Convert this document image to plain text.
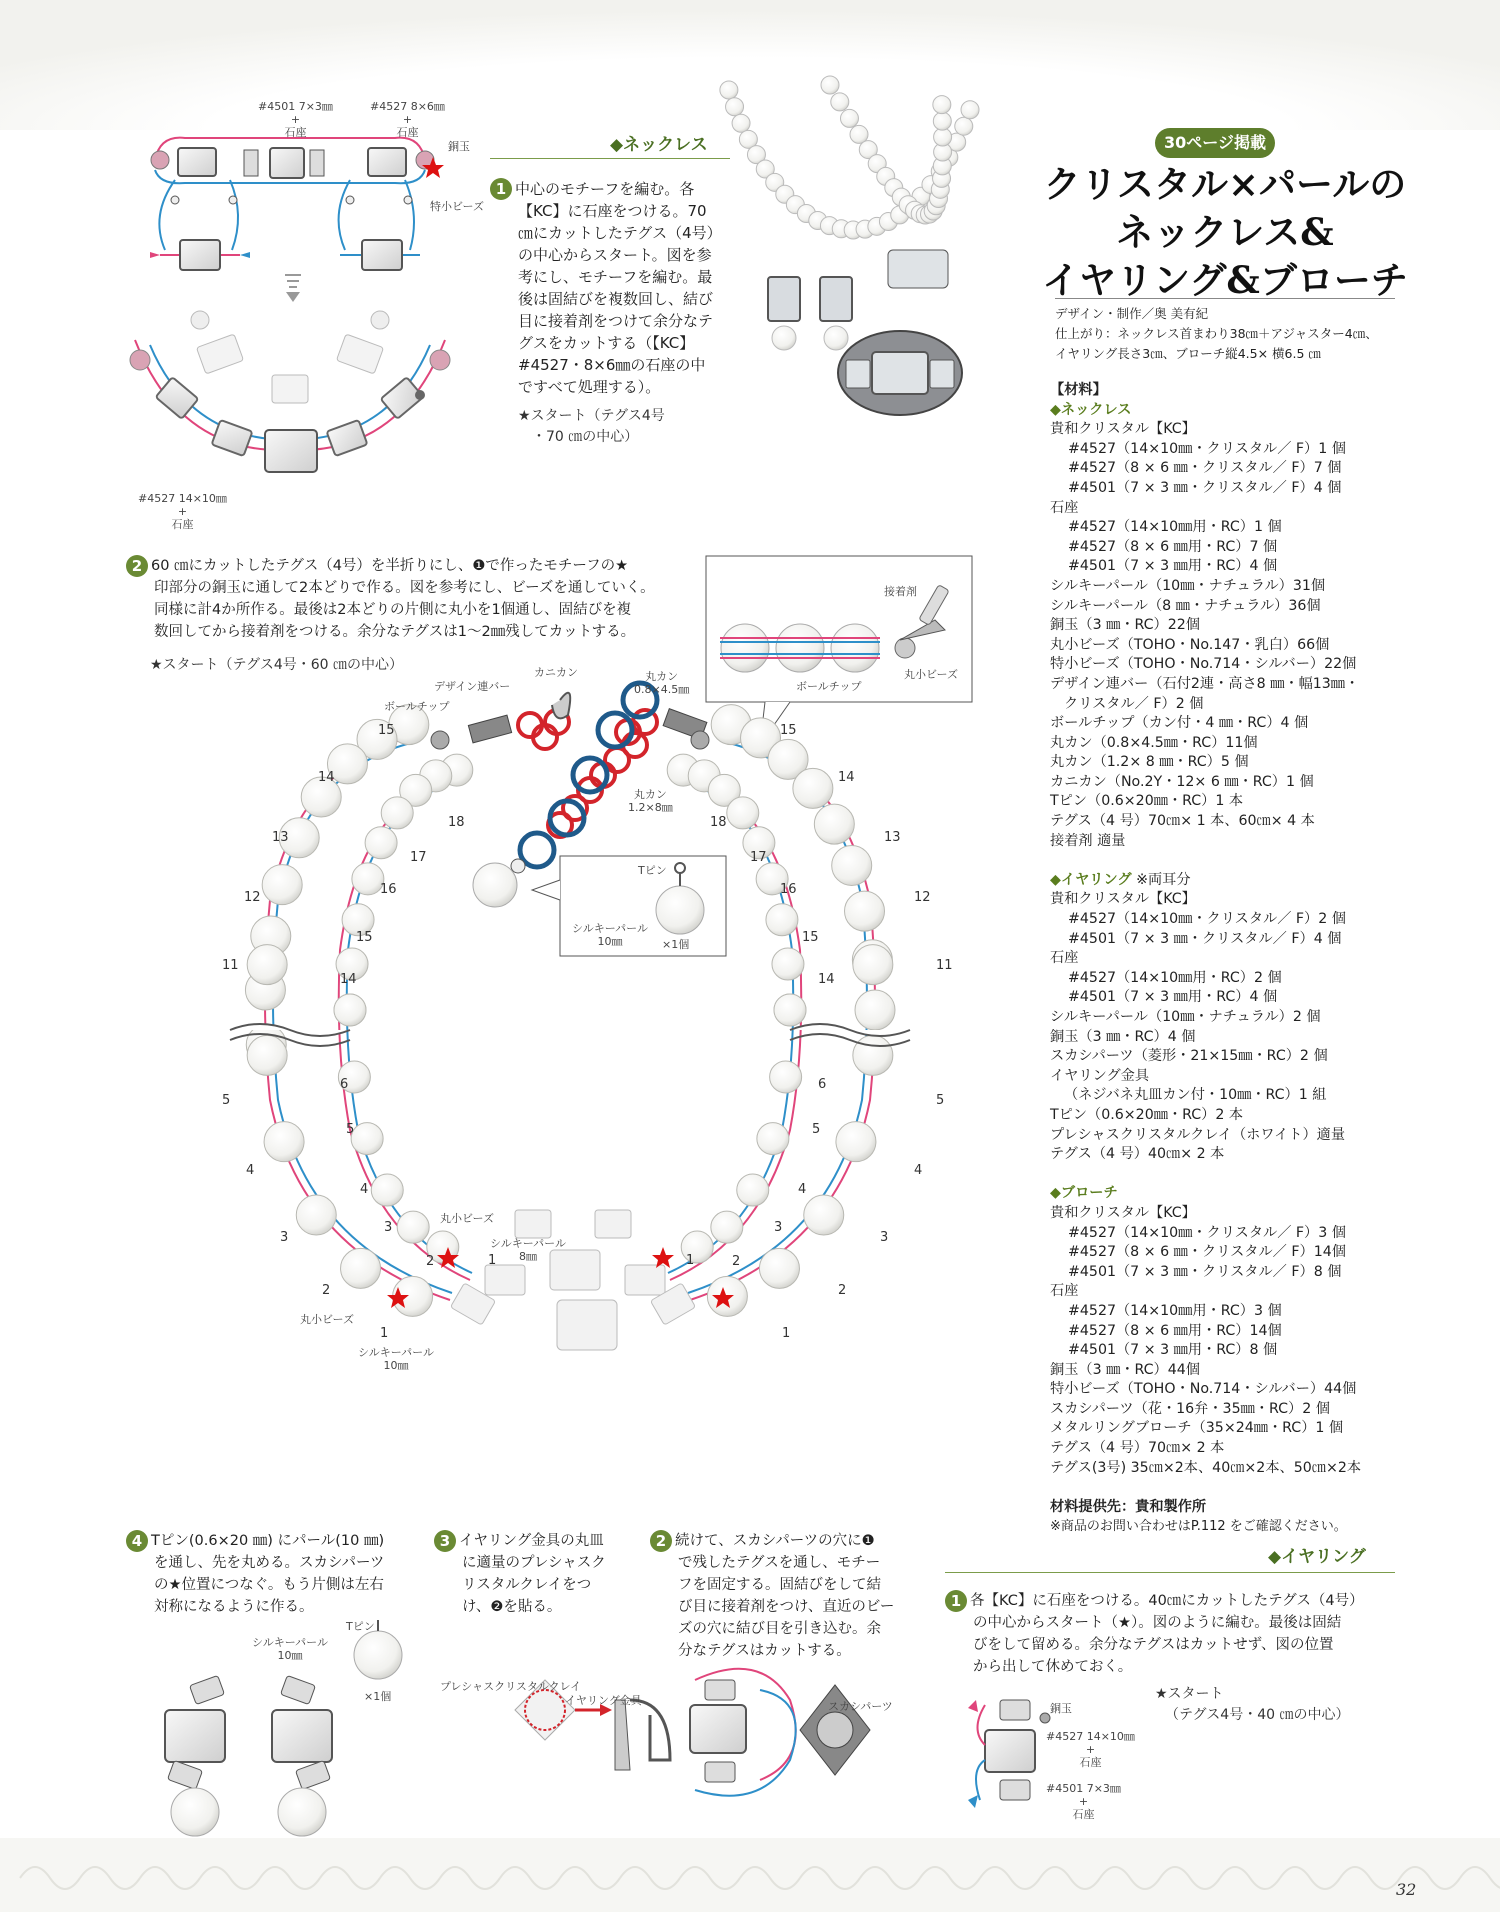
#4501 7×3㎜
+
石座
#4527 8×6㎜
+
石座
銅玉
特小ビーズ
#4527 14×10㎜
+
石座
◆ネックレス
1 中心のモチーフを編む。各
【KC】に石座をつける。70
㎝にカットしたテグス（4号）
の中心からスタート。図を参
考にし、モチーフを編む。最
後は固結びを複数回し、結び
目に接着剤をつけて余分なテ
グスをカットする（【KC】
#4527・8×6㎜の石座の中
ですべて処理する）。
★スタート（テグス4号
・70 ㎝の中心）
2 60 ㎝にカットしたテグス（4号）を半折りにし、❶で作ったモチーフの★
印部分の銅玉に通して2本どりで作る。図を参考にし、ビーズを通していく。
同様に計4か所作る。最後は2本どりの片側に丸小を1個通し、固結びを複
数回してから接着剤をつける。余分なテグスは1～2㎜残してカットする。
★スタート（テグス4号・60 ㎝の中心）
デザイン連バー
ボールチップ
カニカン	丸カン
0.8×4.5㎜
丸カン
1.2×8㎜
Tピン
シルキーパール
10㎜	×1個
接着剤
ボールチップ
丸小ビーズ
丸小ビーズ
シルキーパール
8㎜
丸小ビーズ
シルキーパール
10㎜
15
14
13
12
11
5
4
3
2
1
18
17
16
15
14
6
5
4
3
2	1
15
14
13
12
11
5
4
3
2
1
18
17
16
15
14
6
5
4
3
2
1
30ページ掲載
クリスタル×パールの
ネックレス&
イヤリング&ブローチ
デザイン・制作／奥 美有紀
仕上がり：ネックレス首まわり38㎝＋アジャスター4㎝、
イヤリング長さ3㎝、ブローチ縦4.5× 横6.5 ㎝
【材料】
◆ネックレス
貴和クリスタル【KC】
#4527（14×10㎜・クリスタル／ F）1 個
#4527（8 × 6 ㎜・クリスタル／ F）7 個
#4501（7 × 3 ㎜・クリスタル／ F）4 個
石座
#4527（14×10㎜用・RC）1 個
#4527（8 × 6 ㎜用・RC）7 個
#4501（7 × 3 ㎜用・RC）4 個
シルキーパール（10㎜・ナチュラル）31個
シルキーパール（8 ㎜・ナチュラル）36個
銅玉（3 ㎜・RC）22個
丸小ビーズ（TOHO・No.147・乳白）66個
特小ビーズ（TOHO・No.714・シルバー）22個
デザイン連バー（石付2連・高さ8 ㎜・幅13㎜・
クリスタル／ F）2 個
ボールチップ（カン付・4 ㎜・RC）4 個
丸カン（0.8×4.5㎜・RC）11個
丸カン（1.2× 8 ㎜・RC）5 個
カニカン（No.2Y・12× 6 ㎜・RC）1 個
Tピン（0.6×20㎜・RC）1 本
テグス（4 号）70㎝× 1 本、60㎝× 4 本
接着剤 適量
◆イヤリング ※両耳分
貴和クリスタル【KC】
#4527（14×10㎜・クリスタル／ F）2 個
#4501（7 × 3 ㎜・クリスタル／ F）4 個
石座
#4527（14×10㎜用・RC）2 個
#4501（7 × 3 ㎜用・RC）4 個
シルキーパール（10㎜・ナチュラル）2 個
銅玉（3 ㎜・RC）4 個
スカシパーツ（菱形・21×15㎜・RC）2 個
イヤリング金具
（ネジバネ丸皿カン付・10㎜・RC）1 組
Tピン（0.6×20㎜・RC）2 本
プレシャスクリスタルクレイ（ホワイト）適量
テグス（4 号）40㎝× 2 本
◆ブローチ
貴和クリスタル【KC】
#4527（14×10㎜・クリスタル／ F）3 個
#4527（8 × 6 ㎜・クリスタル／ F）14個
#4501（7 × 3 ㎜・クリスタル／ F）8 個
石座
#4527（14×10㎜用・RC）3 個
#4527（8 × 6 ㎜用・RC）14個
#4501（7 × 3 ㎜用・RC）8 個
銅玉（3 ㎜・RC）44個
特小ビーズ（TOHO・No.714・シルバー）44個
スカシパーツ（花・16弁・35㎜・RC）2 個
メタルリングブローチ（35×24㎜・RC）1 個
テグス（4 号）70㎝× 2 本
テグス(3号) 35㎝×2本、40㎝×2本、50㎝×2本
材料提供先：貴和製作所
※商品のお問い合わせはP.112 をご確認ください。
4 Tピン(0.6×20 ㎜) にパール(10 ㎜)
を通し、先を丸める。スカシパーツ
の★位置につなぐ。もう片側は左右
対称になるように作る。
Tピン
シルキーパール
10㎜
×1個
3 イヤリング金具の丸皿
に適量のプレシャスク
リスタルクレイをつ
け、❷を貼る。
プレシャスクリスタルクレイ
イヤリング金具
2 続けて、スカシパーツの穴に❶
で残したテグスを通し、モチー
フを固定する。固結びをして結
び目に接着剤をつけ、直近のビー
ズの穴に結び目を引き込む。余
分なテグスはカットする。
スカシパーツ
◆イヤリング
1 各【KC】に石座をつける。40㎝にカットしたテグス（4号）
の中心からスタート（★）。図のように編む。最後は固結
びをして留める。余分なテグスはカットせず、図の位置
から出して休めておく。
★スタート
（テグス4号・40 ㎝の中心）
銅玉
#4527 14×10㎜
+
石座
#4501 7×3㎜
+
石座
32
